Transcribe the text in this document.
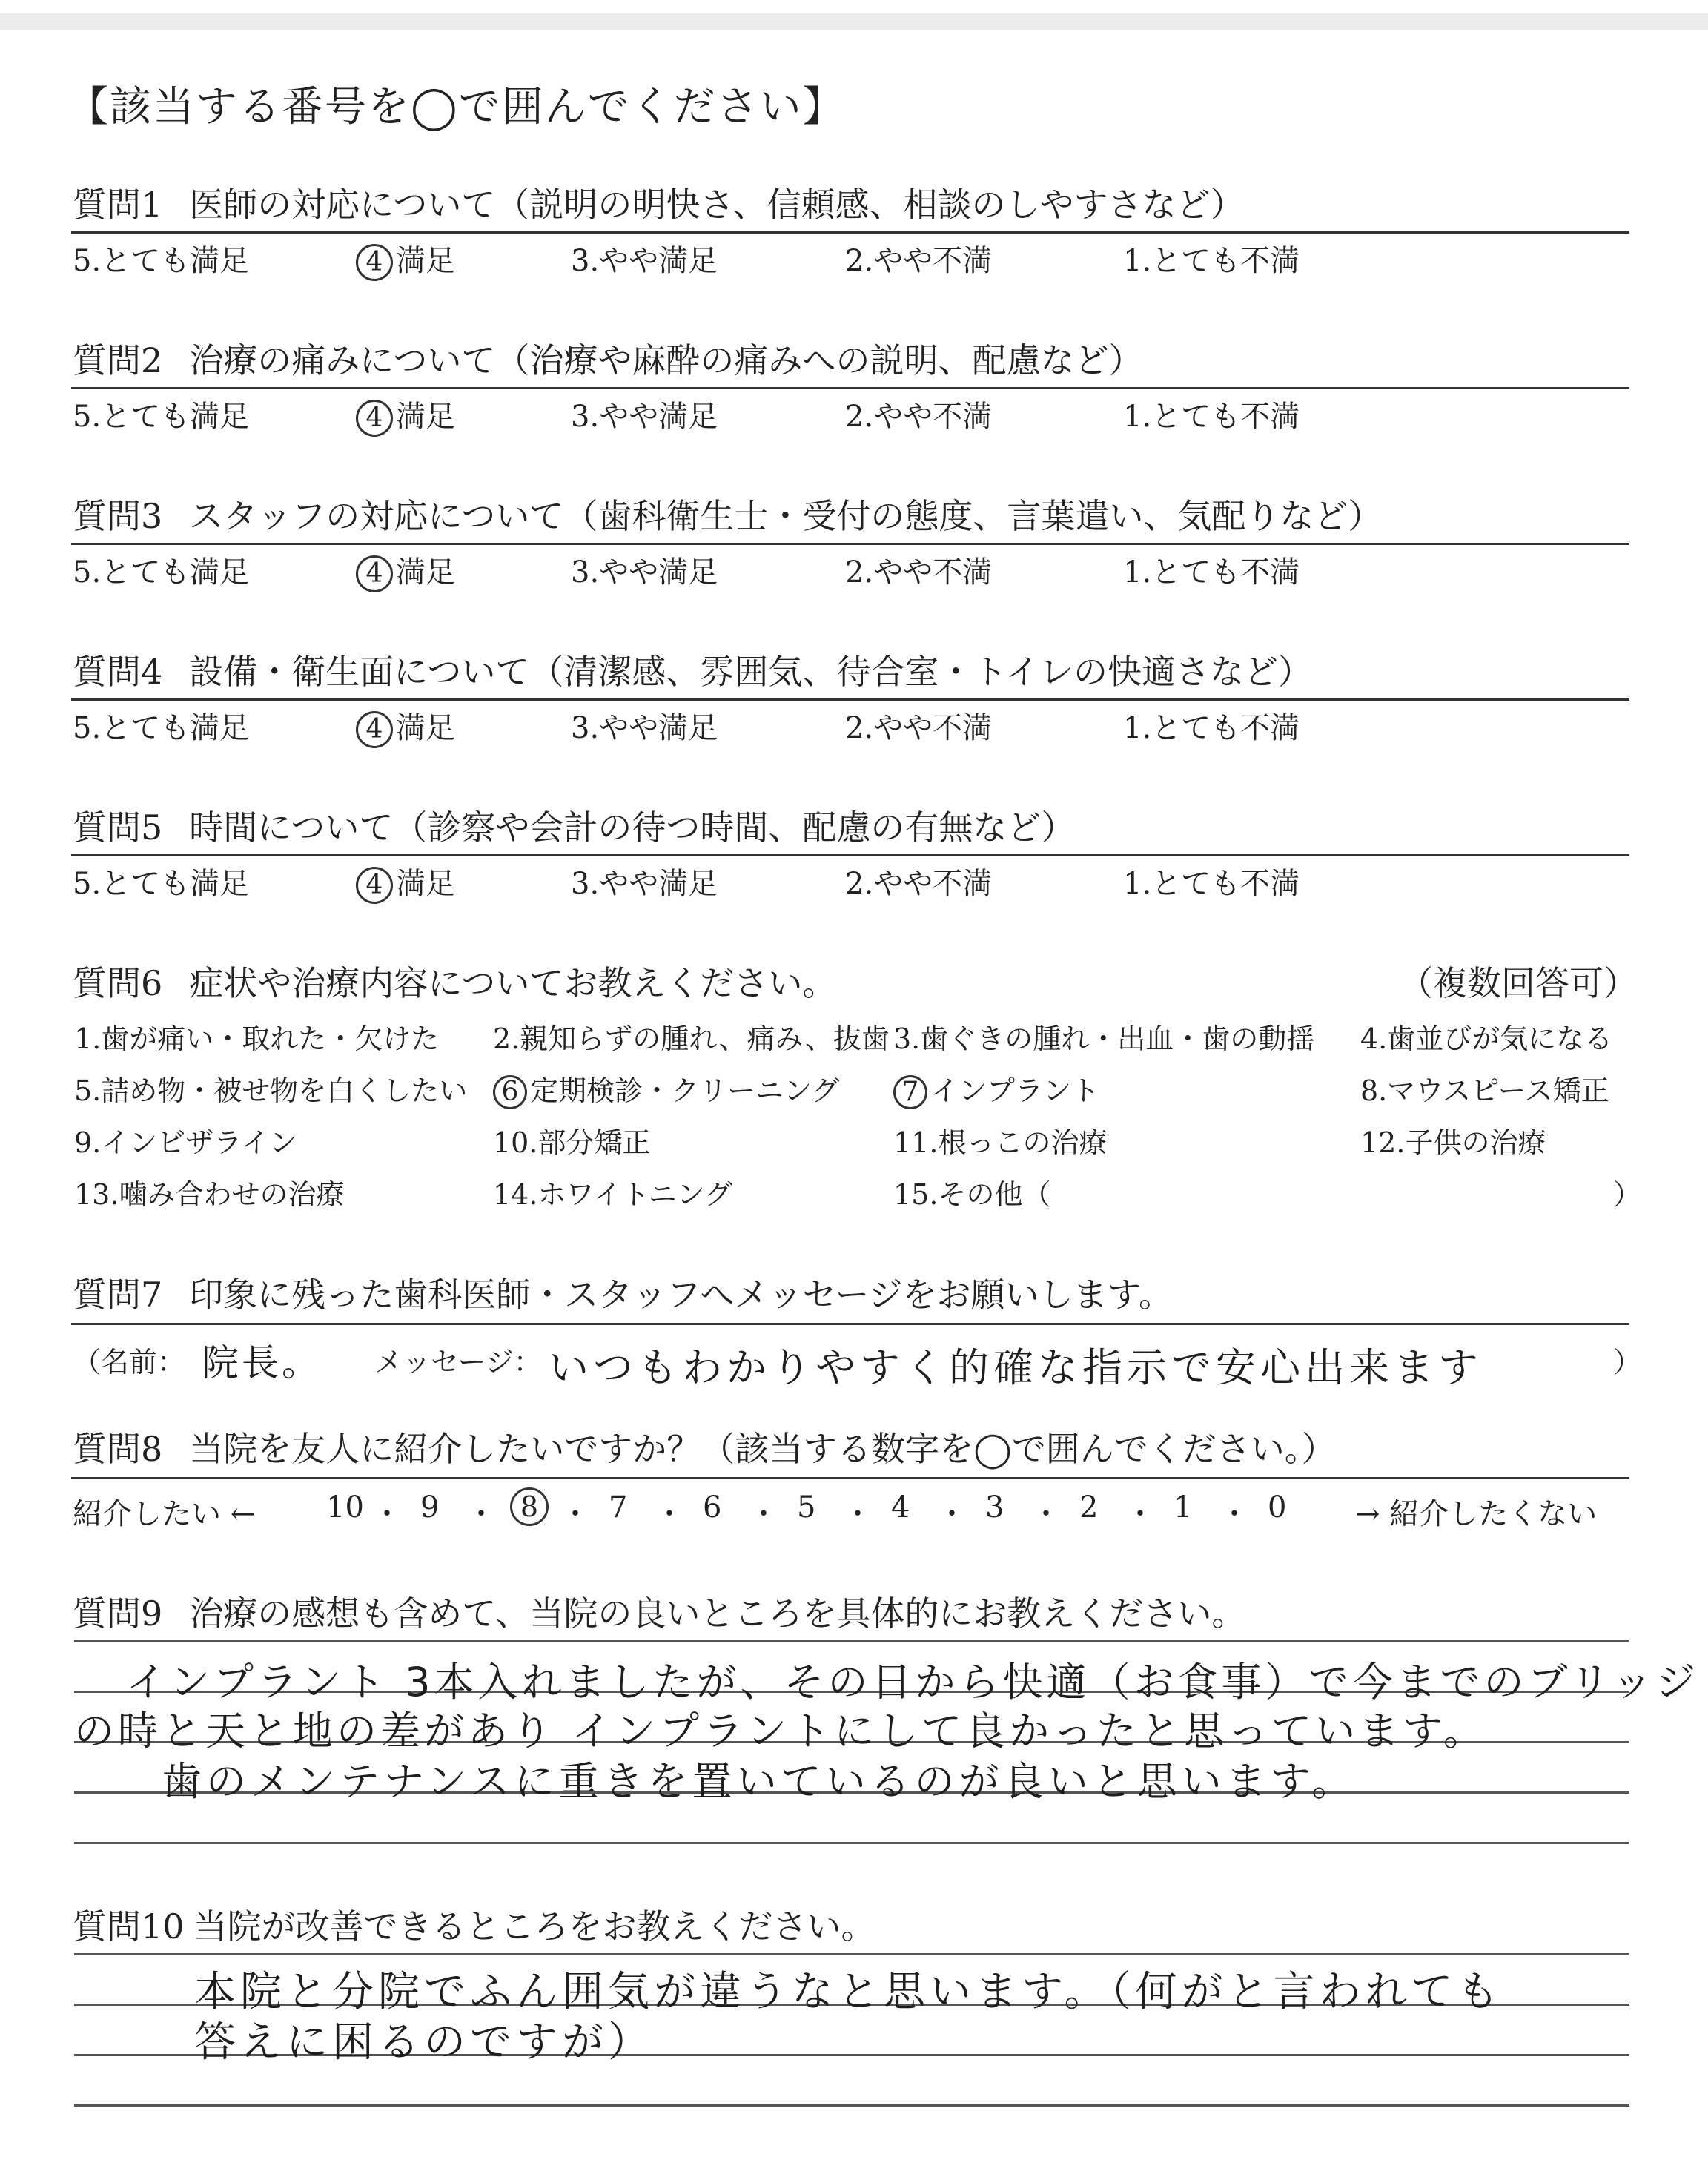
【該当する番号を◯で囲んでください】
質問1 医師の対応について（説明の明快さ、信頼感、相談のしやすさなど）
5.とても満足	4 満足	3.やや満足	2.やや不満	1.とても不満
質問2 治療の痛みについて（治療や麻酔の痛みへの説明、配慮など）
5.とても満足	4 満足	3.やや満足	2.やや不満	1.とても不満
質問3 スタッフの対応について（歯科衛生士・受付の態度、言葉遣い、気配りなど）
5.とても満足	4 満足	3.やや満足	2.やや不満	1.とても不満
質問4 設備・衛生面について（清潔感、雰囲気、待合室・トイレの快適さなど）
5.とても満足	4 満足	3.やや満足	2.やや不満	1.とても不満
質問5 時間について（診察や会計の待つ時間、配慮の有無など）
5.とても満足	4 満足	3.やや満足	2.やや不満	1.とても不満
質問6 症状や治療内容についてお教えください。	（複数回答可）
1.歯が痛い・取れた・欠けた 2.親知らずの腫れ、痛み、抜歯 3.歯ぐきの腫れ・出血・歯の動揺 4.歯並びが気になる
5.詰め物・被せ物を白くしたい	6 定期検診・クリーニング	7 インプラント	8.マウスピース矯正
9.インビザライン	10.部分矯正	11.根っこの治療	12.子供の治療
13.噛み合わせの治療	14.ホワイトニング	15.その他（	）
質問7 印象に残った歯科医師・スタッフへメッセージをお願いします。
（名前： 院長。 メッセージ： いつもわかりやすく的確な指示で安心出来ます	）
質問8 当院を友人に紹介したいですか？（該当する数字を◯で囲んでください。）
紹介したい ←	→ 紹介したくない
10 ・ 9 ・ 8 ・ 7 ・ 6 ・ 5 ・ 4 ・ 3 ・ 2 ・ 1 ・ 0
質問9 治療の感想も含めて、当院の良いところを具体的にお教えください。
インプラント 3本入れましたが、その日から快適（お食事）で今までのブリッジ
の時と天と地の差があり インプラントにして良かったと思っています。
歯のメンテナンスに重きを置いているのが良いと思います。
質問10 当院が改善できるところをお教えください。
本院と分院でふん囲気が違うなと思います。（何がと言われても
答えに困るのですが）
